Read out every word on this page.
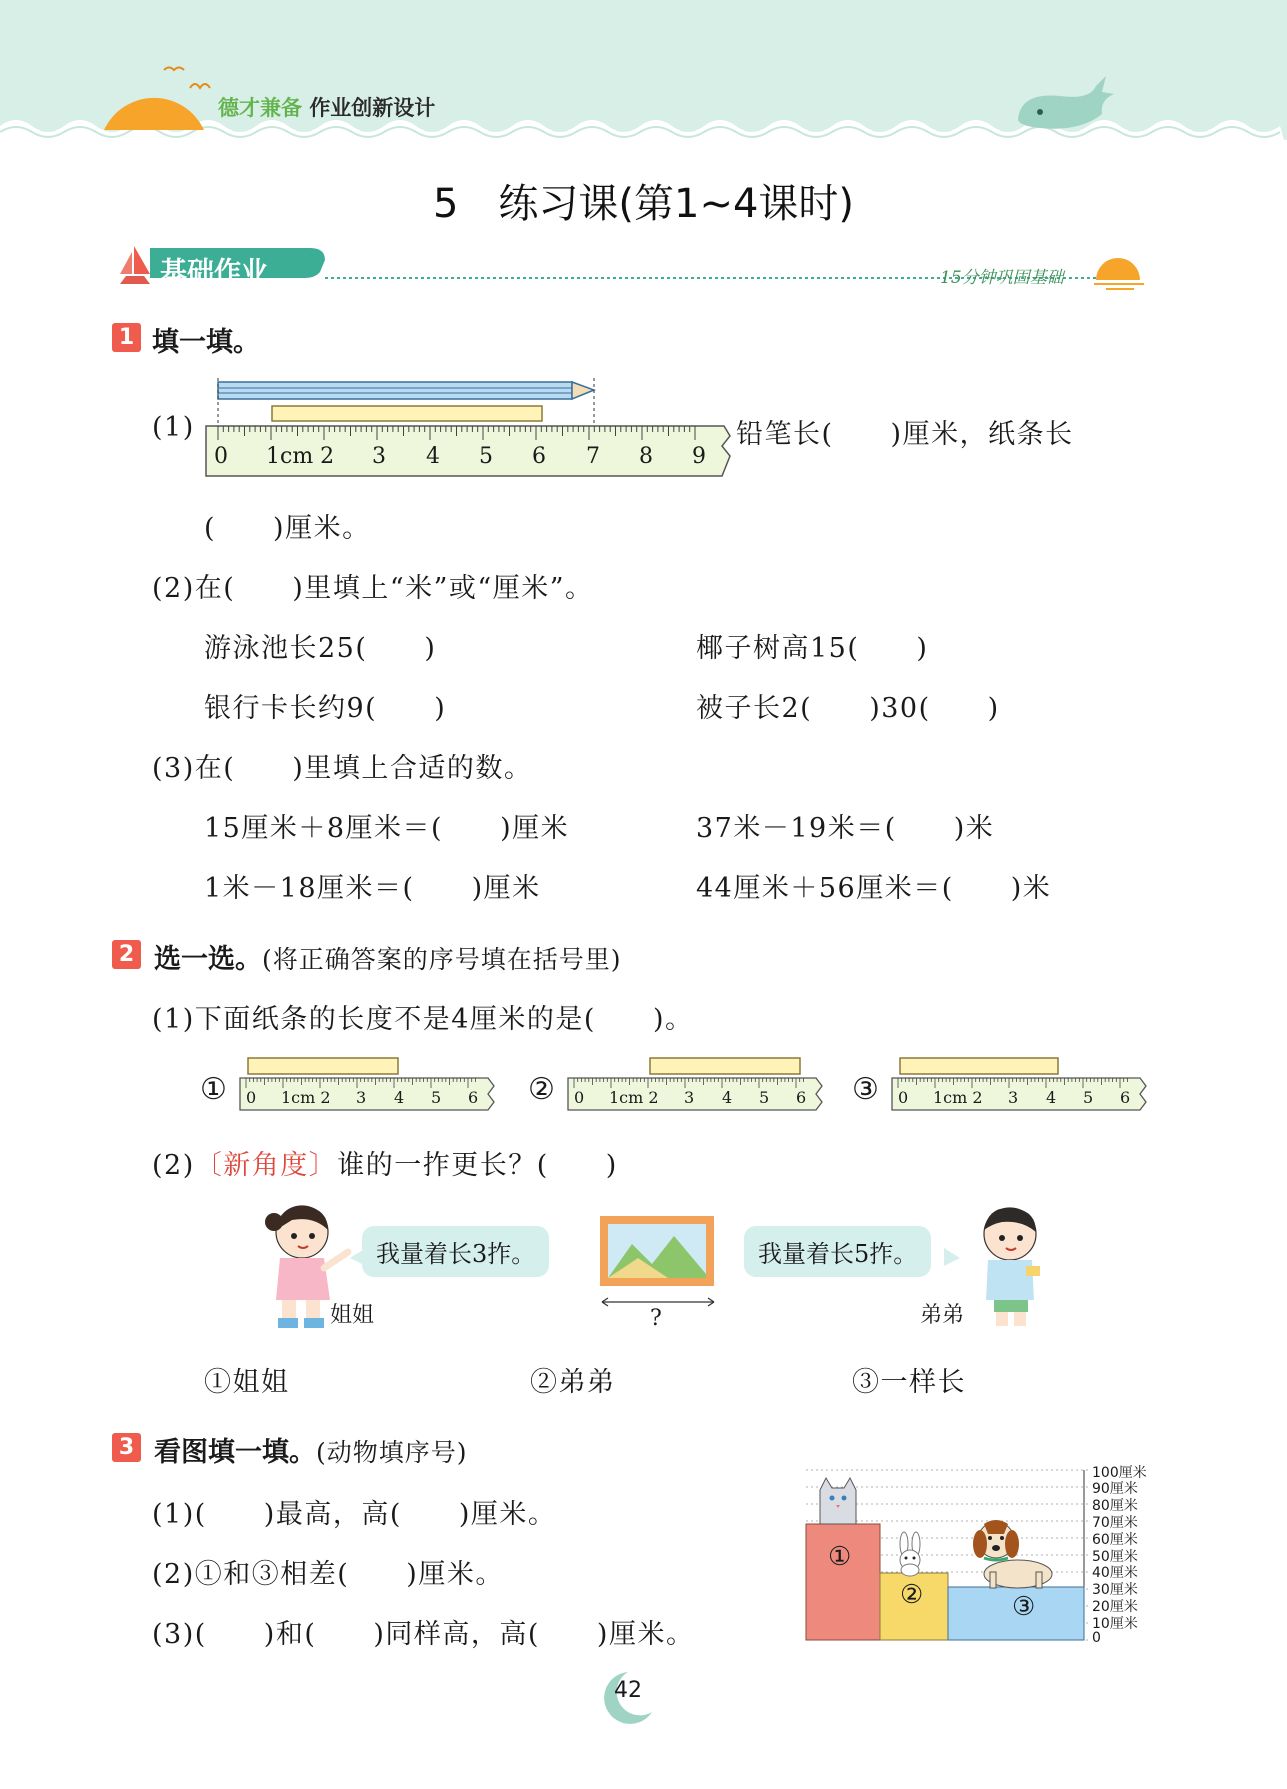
德才兼备 作业创新设计
5　练习课(第1~4课时)
基础作业	15分钟巩固基础
1 填一填。
(1)
0 1cm 2 3 4 5 6 7 8 9
铅笔长(　　)厘米，纸条长
(　　)厘米。
(2)在(　　)里填上“米”或“厘米”。
游泳池长25(　　)	椰子树高15(　　)
银行卡长约9(　　)	被子长2(　　)30(　　)
(3)在(　　)里填上合适的数。
15厘米＋8厘米＝(　　)厘米	37米－19米＝(　　)米
1米－18厘米＝(　　)厘米	44厘米＋56厘米＝(　　)米
2 选一选。(将正确答案的序号填在括号里)
(1)下面纸条的长度不是4厘米的是(　　)。
① 0 1cm 2 3 4 5 6 ② 0 1cm 2 3 4 5 6 ③ 0 1cm 2 3 4 5 6
(2)〔新角度〕谁的一拃更长？(　　)
姐姐
我量着长3拃。
?
我量着长5拃。
弟弟
①姐姐	②弟弟	③一样长
3 看图填一填。(动物填序号)
(1)(　　)最高，高(　　)厘米。
(2)①和③相差(　　)厘米。
(3)(　　)和(　　)同样高，高(　　)厘米。
①
②	③
100厘米
90厘米
80厘米
70厘米
60厘米
50厘米
40厘米
30厘米
20厘米
10厘米
0
42
